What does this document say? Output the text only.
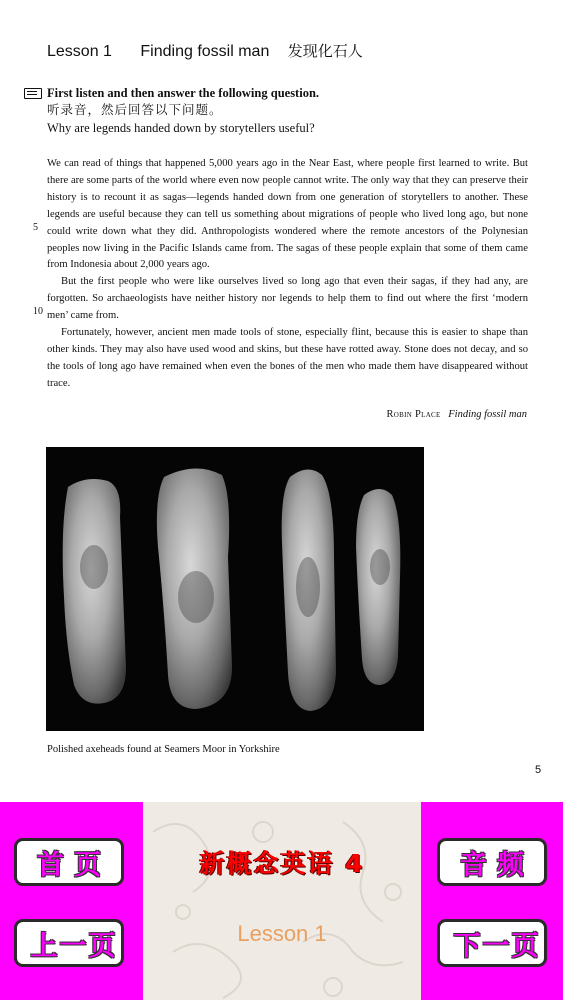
Lesson 1 Finding fossil man 发现化石人
First listen and then answer the following question.
听录音，然后回答以下问题。
Why are legends handed down by storytellers useful?
5
10

We can read of things that happened 5,000 years ago in the Near East, where people first learned to write. But there are some parts of the world where even now people cannot write. The only way that they can preserve their history is to recount it as sagas—legends handed down from one generation of storytellers to another. These legends are useful because they can tell us something about migrations of people who lived long ago, but none could write down what they did. Anthropologists wondered where the remote ancestors of the Polynesian peoples now living in the Pacific Islands came from. The sagas of these people explain that some of them came from Indonesia about 2,000 years ago.

But the first people who were like ourselves lived so long ago that even their sagas, if they had any, are forgotten. So archaeologists have neither history nor legends to help them to find out where the first ‘modern men’ came from.

Fortunately, however, ancient men made tools of stone, especially flint, because this is easier to shape than other kinds. They may also have used wood and skins, but these have rotted away. Stone does not decay, and so the tools of long ago have remained when even the bones of the men who made them have disappeared without trace.

Robin Place Finding fossil man
Polished axeheads found at Seamers Moor in Yorkshire
5
首页
上一页
新概念英语 4
Lesson 1
音频
下一页
